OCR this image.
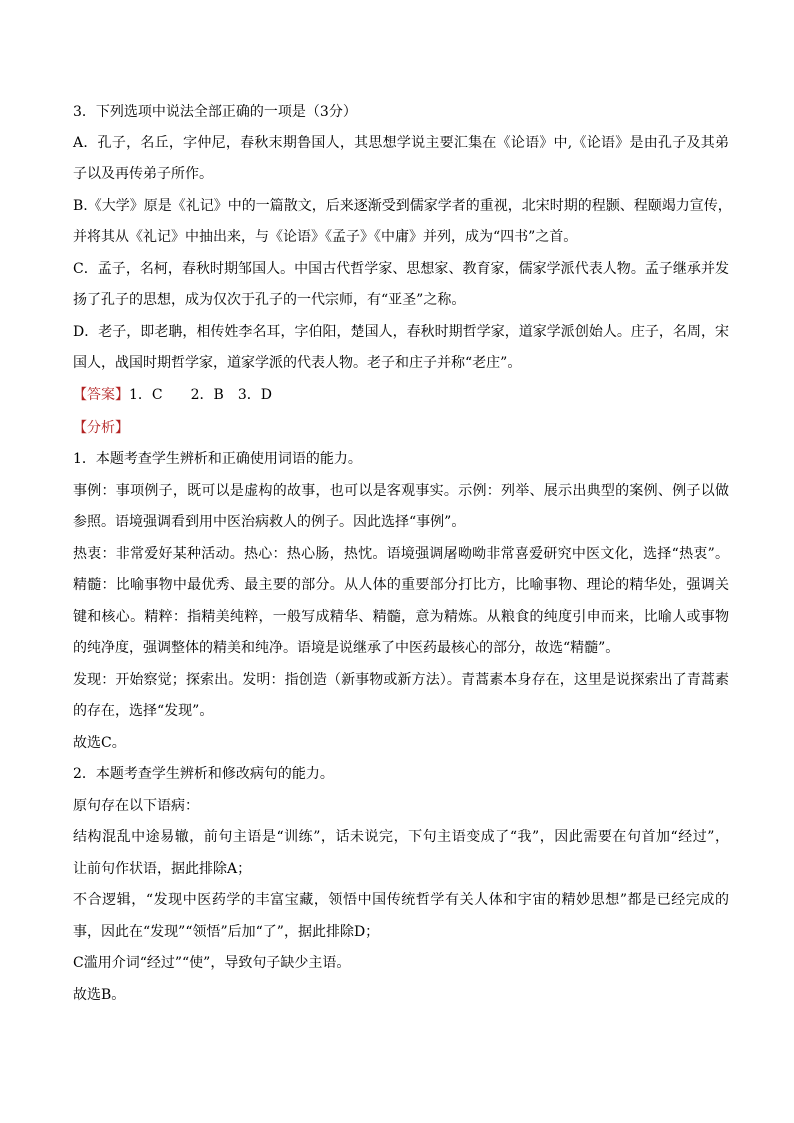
3．下列选项中说法全部正确的一项是（3分）
A．孔子，名丘，字仲尼，春秋末期鲁国人，其思想学说主要汇集在《论语》中,《论语》是由孔子及其弟
子以及再传弟子所作。
B.《大学》原是《礼记》中的一篇散文，后来逐渐受到儒家学者的重视，北宋时期的程颢、程颐竭力宣传，
并将其从《礼记》中抽出来，与《论语》《孟子》《中庸》并列，成为“四书”之首。
C．孟子，名柯，春秋时期邹国人。中国古代哲学家、思想家、教育家，儒家学派代表人物。孟子继承并发
扬了孔子的思想，成为仅次于孔子的一代宗师，有“亚圣”之称。
D．老子，即老聃，相传姓李名耳，字伯阳，楚国人，春秋时期哲学家，道家学派创始人。庄子，名周，宋
国人，战国时期哲学家，道家学派的代表人物。老子和庄子并称“老庄”。
【答案】1．C　　2．B　3．D
【分析】
1．本题考查学生辨析和正确使用词语的能力。
事例：事项例子，既可以是虚构的故事，也可以是客观事实。示例：列举、展示出典型的案例、例子以做
参照。语境强调看到用中医治病救人的例子。因此选择“事例”。
热衷：非常爱好某种活动。热心：热心肠，热忱。语境强调屠呦呦非常喜爱研究中医文化，选择“热衷”。
精髓：比喻事物中最优秀、最主要的部分。从人体的重要部分打比方，比喻事物、理论的精华处，强调关
键和核心。精粹：指精美纯粹，一般写成精华、精髓，意为精炼。从粮食的纯度引申而来，比喻人或事物
的纯净度，强调整体的精美和纯净。语境是说继承了中医药最核心的部分，故选“精髓”。
发现：开始察觉；探索出。发明：指创造（新事物或新方法）。青蒿素本身存在，这里是说探索出了青蒿素
的存在，选择“发现”。
故选C。
2．本题考查学生辨析和修改病句的能力。
原句存在以下语病：
结构混乱中途易辙，前句主语是“训练”，话未说完，下句主语变成了“我”，因此需要在句首加“经过”，
让前句作状语，据此排除A；
不合逻辑，“发现中医药学的丰富宝藏，领悟中国传统哲学有关人体和宇宙的精妙思想”都是已经完成的
事，因此在“发现”“领悟”后加“了”，据此排除D；
C滥用介词“经过”“使”，导致句子缺少主语。
故选B。
